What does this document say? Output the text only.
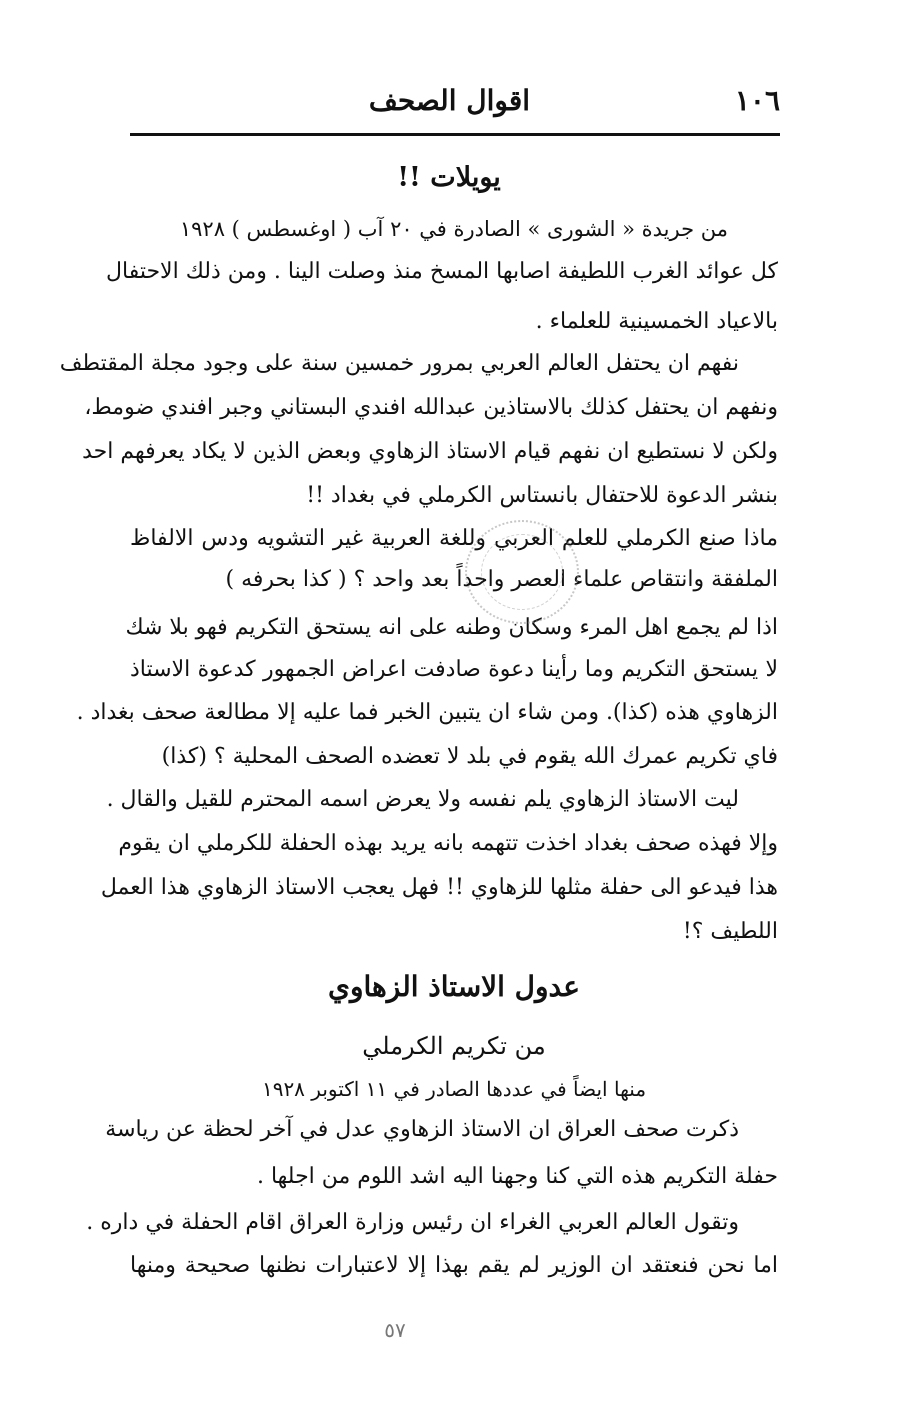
١٠٦
اقوال الصحف
يويلات !!
من جريدة « الشورى » الصادرة في ٢٠ آب ( اوغسطس ) ١٩٢٨
كل عوائد الغرب اللطيفة اصابها المسخ منذ وصلت الينا . ومن ذلك الاحتفال
بالاعياد الخمسينية للعلماء .
نفهم ان يحتفل العالم العربي بمرور خمسين سنة على وجود مجلة المقتطف
ونفهم ان يحتفل كذلك بالاستاذين عبدالله افندي البستاني وجبر افندي ضومط،
ولكن لا نستطيع ان نفهم قيام الاستاذ الزهاوي وبعض الذين لا يكاد يعرفهم احد
بنشر الدعوة للاحتفال بانستاس الكرملي في بغداد !!
ماذا صنع الكرملي للعلم العربي وللغة العربية غير التشويه ودس الالفاظ
الملفقة وانتقاص علماء العصر واحداً بعد واحد ؟ ( كذا بحرفه )
اذا لم يجمع اهل المرء وسكان وطنه على انه يستحق التكريم فهو بلا شك
لا يستحق التكريم وما رأينا دعوة صادفت اعراض الجمهور كدعوة الاستاذ
الزهاوي هذه (كذا). ومن شاء ان يتبين الخبر فما عليه إلا مطالعة صحف بغداد .
فاي تكريم عمرك الله يقوم في بلد لا تعضده الصحف المحلية ؟ (كذا)
ليت الاستاذ الزهاوي يلم نفسه ولا يعرض اسمه المحترم للقيل والقال .
وإلا فهذه صحف بغداد اخذت تتهمه بانه يريد بهذه الحفلة للكرملي ان يقوم
هذا فيدعو الى حفلة مثلها للزهاوي !! فهل يعجب الاستاذ الزهاوي هذا العمل
اللطيف ؟!
عدول الاستاذ الزهاوي
من تكريم الكرملي
منها ايضاً في عددها الصادر في ١١ اكتوبر ١٩٢٨
ذكرت صحف العراق ان الاستاذ الزهاوي عدل في آخر لحظة عن رياسة
حفلة التكريم هذه التي كنا وجهنا اليه اشد اللوم من اجلها .
وتقول العالم العربي الغراء ان رئيس وزارة العراق اقام الحفلة في داره .
اما نحن فنعتقد ان الوزير لم يقم بهذا إلا لاعتبارات نظنها صحيحة ومنها
٥٧
